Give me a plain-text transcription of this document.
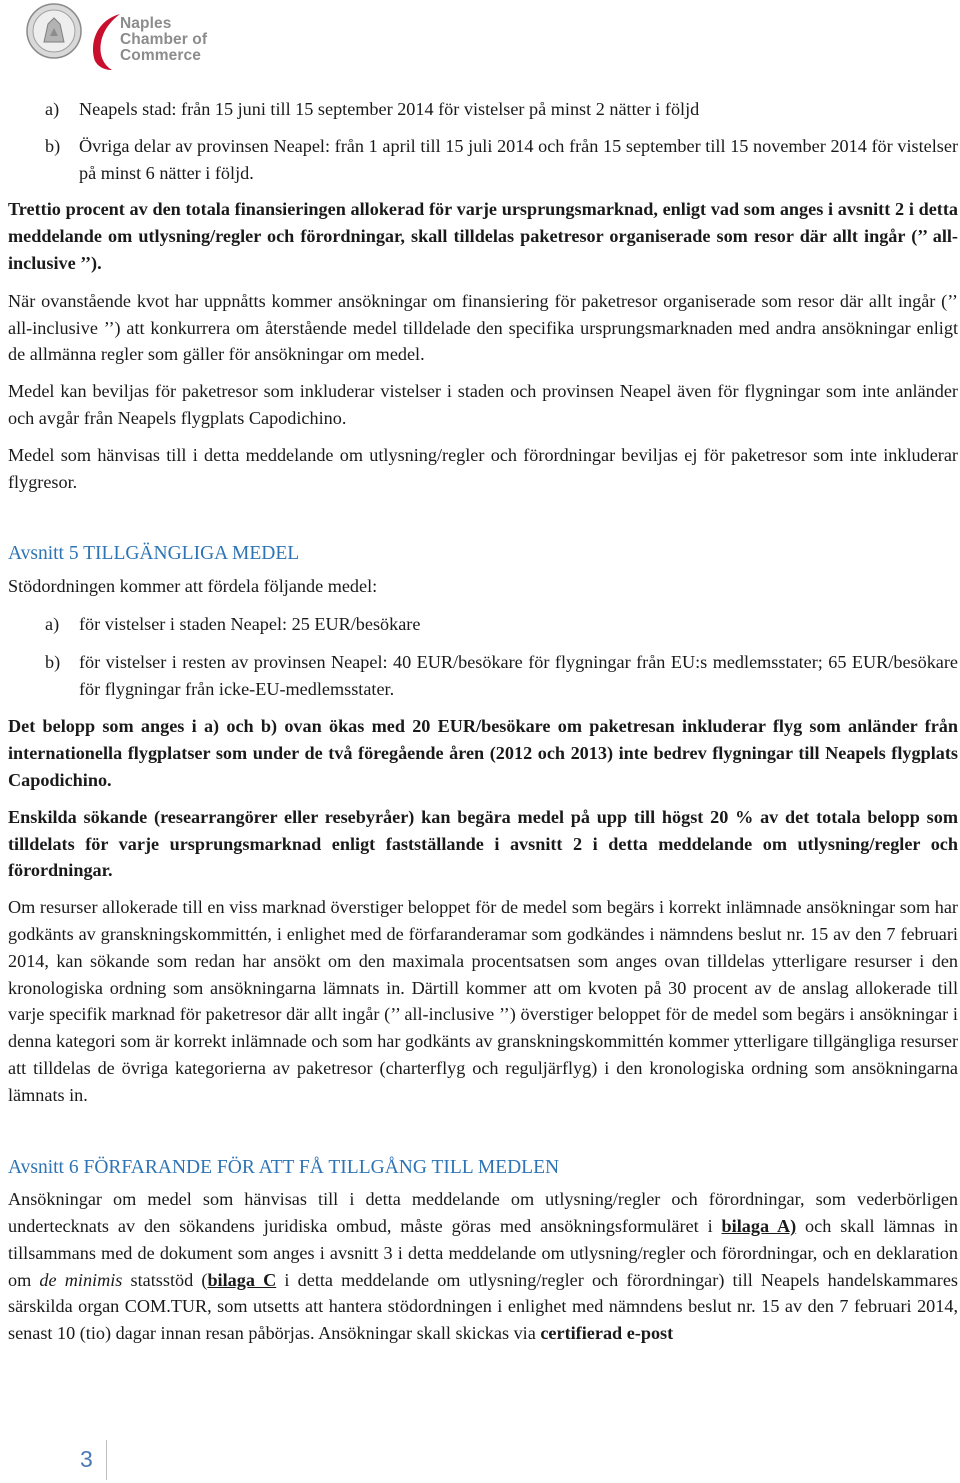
Naples
Chamber of Commerce

a) Neapels stad: från 15 juni till 15 september 2014 för vistelser på minst 2 nätter i följd

b) Övriga delar av provinsen Neapel: från 1 april till 15 juli 2014 och från 15 september till 15 november 2014 för vistelser på minst 6 nätter i följd.

Trettio procent av den totala finansieringen allokerad för varje ursprungsmarknad, enligt vad som anges i avsnitt 2 i detta meddelande om utlysning/regler och förordningar, skall tilldelas paketresor organiserade som resor där allt ingår (’’ all-inclusive ’’).

När ovanstående kvot har uppnåtts kommer ansökningar om finansiering för paketresor organiserade som resor där allt ingår (’’ all-inclusive ’’) att konkurrera om återstående medel tilldelade den specifika ursprungsmarknaden med andra ansökningar enligt de allmänna regler som gäller för ansökningar om medel.

Medel kan beviljas för paketresor som inkluderar vistelser i staden och provinsen Neapel även för flygningar som inte anländer och avgår från Neapels flygplats Capodichino.

Medel som hänvisas till i detta meddelande om utlysning/regler och förordningar beviljas ej för paketresor som inte inkluderar flygresor.

Avsnitt 5 TILLGÄNGLIGA MEDEL

Stödordningen kommer att fördela följande medel:

a) för vistelser i staden Neapel: 25 EUR/besökare

b) för vistelser i resten av provinsen Neapel: 40 EUR/besökare för flygningar från EU:s medlemsstater; 65 EUR/besökare för flygningar från icke-EU-medlemsstater.

Det belopp som anges i a) och b) ovan ökas med 20 EUR/besökare om paketresan inkluderar flyg som anländer från internationella flygplatser som under de två föregående åren (2012 och 2013) inte bedrev flygningar till Neapels flygplats Capodichino.

Enskilda sökande (researrangörer eller resebyråer) kan begära medel på upp till högst 20 % av det totala belopp som tilldelats för varje ursprungsmarknad enligt fastställande i avsnitt 2 i detta meddelande om utlysning/regler och förordningar.

Om resurser allokerade till en viss marknad överstiger beloppet för de medel som begärs i korrekt inlämnade ansökningar som har godkänts av granskningskommittén, i enlighet med de förfaranderamar som godkändes i nämndens beslut nr. 15 av den 7 februari 2014, kan sökande som redan har ansökt om den maximala procentsatsen som anges ovan tilldelas ytterligare resurser i den kronologiska ordning som ansökningarna lämnats in. Därtill kommer att om kvoten på 30 procent av de anslag allokerade till varje specifik marknad för paketresor där allt ingår (’’ all-inclusive ’’) överstiger beloppet för de medel som begärs i ansökningar i denna kategori som är korrekt inlämnade och som har godkänts av granskningskommittén kommer ytterligare tillgängliga resurser att tilldelas de övriga kategorierna av paketresor (charterflyg och reguljärflyg) i den kronologiska ordning som ansökningarna lämnats in.

Avsnitt 6 FÖRFARANDE FÖR ATT FÅ TILLGÅNG TILL MEDLEN

Ansökningar om medel som hänvisas till i detta meddelande om utlysning/regler och förordningar, som vederbörligen undertecknats av den sökandens juridiska ombud, måste göras med ansökningsformuläret i bilaga A) och skall lämnas in tillsammans med de dokument som anges i avsnitt 3 i detta meddelande om utlysning/regler och förordningar, och en deklaration om de minimis statsstöd (bilaga C i detta meddelande om utlysning/regler och förordningar) till Neapels handelskammares särskilda organ COM.TUR, som utsetts att hantera stödordningen i enlighet med nämndens beslut nr. 15 av den 7 februari 2014, senast 10 (tio) dagar innan resan påbörjas. Ansökningar skall skickas via certifierad e-post

3
